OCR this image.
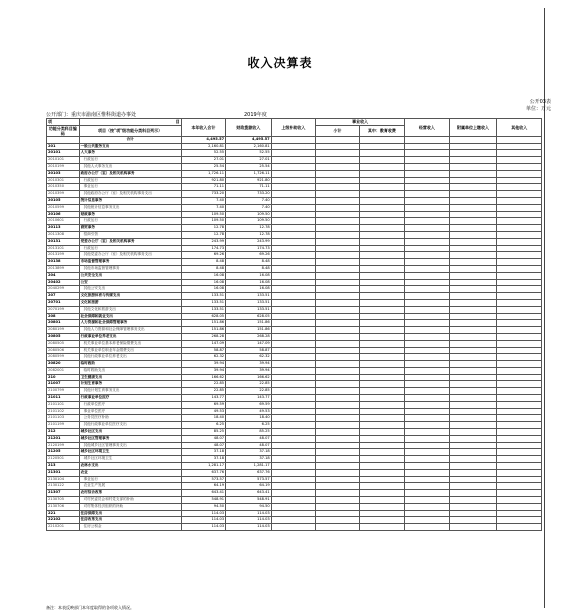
收入决算表
公开03表
单位：万元
公开部门：重庆市渝南区惟科街道办事处	2019年度
项	目	本年收入合计	财政拨款收入	上级补助收入	事业收入		经营收入	附属单位上缴收入	其他收入
功能分类科目编码	项目（按"项"级功能分类科目列示）				小计	其中：教育收费			

	合计	4,495.57	4,495.57						
201	一般公共服务支出	2,160.81	2,160.81						
20101	人大事务	52.55	52.55						
2010101	行政运行	27.01	27.01						
2010199	其他人大事务支出	25.54	25.54						
20103	政府办公厅（室）及相关机构事务	1,726.11	1,726.11						
2010301	行政运行	921.80	921.80						
2010350	事业运行	71.11	71.11						
2010399	其他政府办公厅（室）及相关机构事务支出	733.20	733.20						
20105	统计信息事务	7.40	7.40						
2010599	其他统计信息事务支出	7.40	7.40						
20106	财政事务	109.50	109.50						
2010601	行政运行	109.50	109.50						
20113	商贸事务	12.78	12.78						
2011308	招商引资	12.78	12.78						
20131	党委办公厅（室）及相关机构事务	243.99	243.99						
2013101	行政运行	174.73	174.73						
2013199	其他党委办公厅（室）及相关机构事务支出	69.26	69.26						
20138	市场监督管理事务	8.48	8.48						
2013899	其他市场监督管理事务	8.48	8.48						
204	公共安全支出	16.08	16.08						
20402	公安	16.08	16.08						
2040299	其他公安支出	16.08	16.08						
207	文化旅游体育与传媒支出	133.51	133.51						
20701	文化和旅游	133.51	133.51						
2070199	其他文化和旅游支出	133.51	133.51						
208	社会保障和就业支出	628.05	628.05						
20801	人力资源和社会保障管理事务	151.86	151.86						
2080199	其他人力资源和社会保障管理事务支出	151.86	151.86						
20805	行政事业单位养老支出	268.28	268.28						
2080505	机关事业单位基本养老保险缴费支出	147.09	147.09						
2080506	机关事业单位职业年金缴费支出	58.87	58.87						
2080599	其他行政事业单位养老支出	62.32	62.32						
20820	临时救助	39.94	39.94						
2082001	临时救助支出	39.94	39.94						
210	卫生健康支出	166.62	166.62						
21007	计划生育事务	22.85	22.85						
2100799	其他计划生育事务支出	22.85	22.85						
21011	行政事业单位医疗	143.77	143.77						
2101101	行政单位医疗	69.59	69.59						
2101102	事业单位医疗	49.53	49.53						
2101103	公务员医疗补助	18.40	18.40						
2101199	其他行政事业单位医疗支出	6.25	6.25						
212	城乡社区支出	85.25	85.25						
21201	城乡社区管理事务	48.07	48.07						
2120199	其他城乡社区管理事务支出	48.07	48.07						
21205	城乡社区环境卫生	37.18	37.18						
2120501	城乡社区环境卫生	37.18	37.18						
213	农林水支出	1,281.17	1,281.17						
21301	农业	637.76	637.76						
2130104	事业运行	573.57	573.57						
2130122	农业生产发展	64.19	64.19						
21307	农村综合改革	643.41	643.41						
2130705	对村民委员会和村党支部的补助	548.91	548.91						
2130706	对村集体经济组织的补助	94.50	94.50						
221	住房保障支出	114.03	114.03						
22102	住房改革支出	114.03	114.03						
2210201	住房公积金	114.03	114.03						
备注：本表反映部门本年度取得的各项收入情况。
